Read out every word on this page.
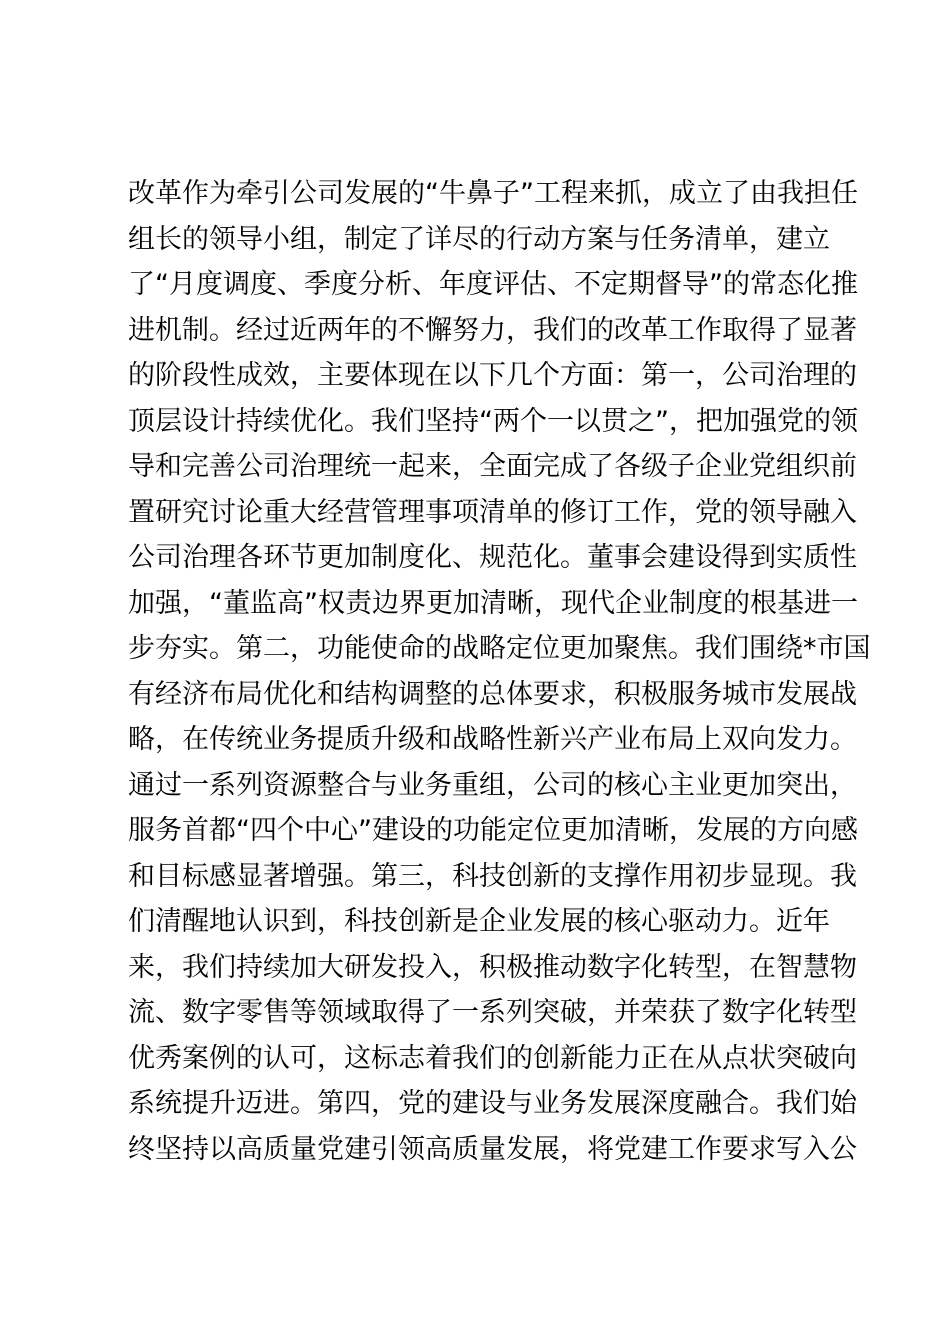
改革作为牵引公司发展的“牛鼻子”工程来抓，成立了由我担任
组长的领导小组，制定了详尽的行动方案与任务清单，建立
了“月度调度、季度分析、年度评估、不定期督导”的常态化推
进机制。经过近两年的不懈努力，我们的改革工作取得了显著
的阶段性成效，主要体现在以下几个方面：第一，公司治理的
顶层设计持续优化。我们坚持“两个一以贯之”，把加强党的领
导和完善公司治理统一起来，全面完成了各级子企业党组织前
置研究讨论重大经营管理事项清单的修订工作，党的领导融入
公司治理各环节更加制度化、规范化。董事会建设得到实质性
加强，“董监高”权责边界更加清晰，现代企业制度的根基进一
步夯实。第二，功能使命的战略定位更加聚焦。我们围绕*市国
有经济布局优化和结构调整的总体要求，积极服务城市发展战
略，在传统业务提质升级和战略性新兴产业布局上双向发力。
通过一系列资源整合与业务重组，公司的核心主业更加突出，
服务首都“四个中心”建设的功能定位更加清晰，发展的方向感
和目标感显著增强。第三，科技创新的支撑作用初步显现。我
们清醒地认识到，科技创新是企业发展的核心驱动力。近年
来，我们持续加大研发投入，积极推动数字化转型，在智慧物
流、数字零售等领域取得了一系列突破，并荣获了数字化转型
优秀案例的认可，这标志着我们的创新能力正在从点状突破向
系统提升迈进。第四，党的建设与业务发展深度融合。我们始
终坚持以高质量党建引领高质量发展，将党建工作要求写入公
